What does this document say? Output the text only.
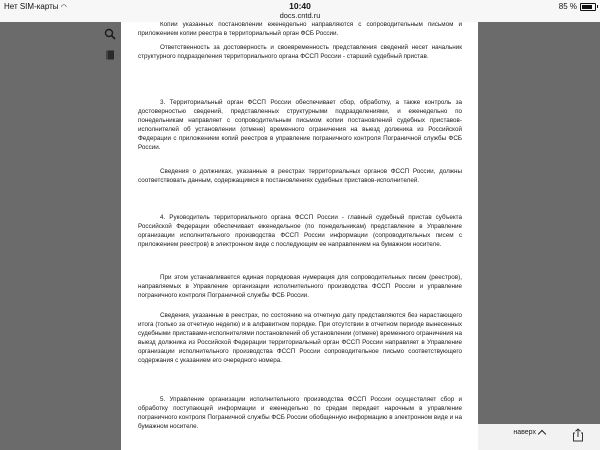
Нет SIM-карты ◠	10:40
docs.cntd.ru
85 %

Копии указанных постановлений еженедельно направляются с сопроводительным письмом и приложением копии реестра в территориальный орган ФСБ России.

Ответственность за достоверность и своевременность представления сведений несет начальник структурного подразделения территориального органа ФССП России - старший судебный пристав.

3. Территориальный орган ФССП России обеспечивает сбор, обработку, а также контроль за достоверностью сведений, представленных структурными подразделениями, и еженедельно по понедельникам направляет с сопроводительным письмом копии постановлений судебных приставов-исполнителей об установлении (отмене) временного ограничения на выезд должника из Российской Федерации с приложением копий реестров в управление пограничного контроля Пограничной службы ФСБ России.

Сведения о должниках, указанные в реестрах территориальных органов ФССП России, должны соответствовать данным, содержащимся в постановлениях судебных приставов-исполнителей.

4. Руководитель территориального органа ФССП России - главный судебный пристав субъекта Российской Федерации обеспечивает еженедельное (по понедельникам) представление в Управление организации исполнительного производства ФССП России информации (сопроводительных писем с приложением реестров) в электронном виде с последующим ее направлением на бумажном носителе.

При этом устанавливается единая порядковая нумерация для сопроводительных писем (реестров), направляемых в Управление организации исполнительного производства ФССП России и управление пограничного контроля Пограничной службы ФСБ России.

Сведения, указанные в реестрах, по состоянию на отчетную дату представляются без нарастающего итога (только за отчетную неделю) и в алфавитном порядке. При отсутствии в отчетном периоде вынесенных судебными приставами-исполнителями постановлений об установлении (отмене) временного ограничения на выезд должника из Российской Федерации территориальный орган ФССП России направляет в Управление организации исполнительного производства ФССП России сопроводительное письмо соответствующего содержания с указанием его очередного номера.

5. Управление организации исполнительного производства ФССП России осуществляет сбор и обработку поступающей информации и еженедельно по средам передает нарочным в управление пограничного контроля Пограничной службы ФСБ России обобщенную информацию в электронном виде и на бумажном носителе.

наверх
